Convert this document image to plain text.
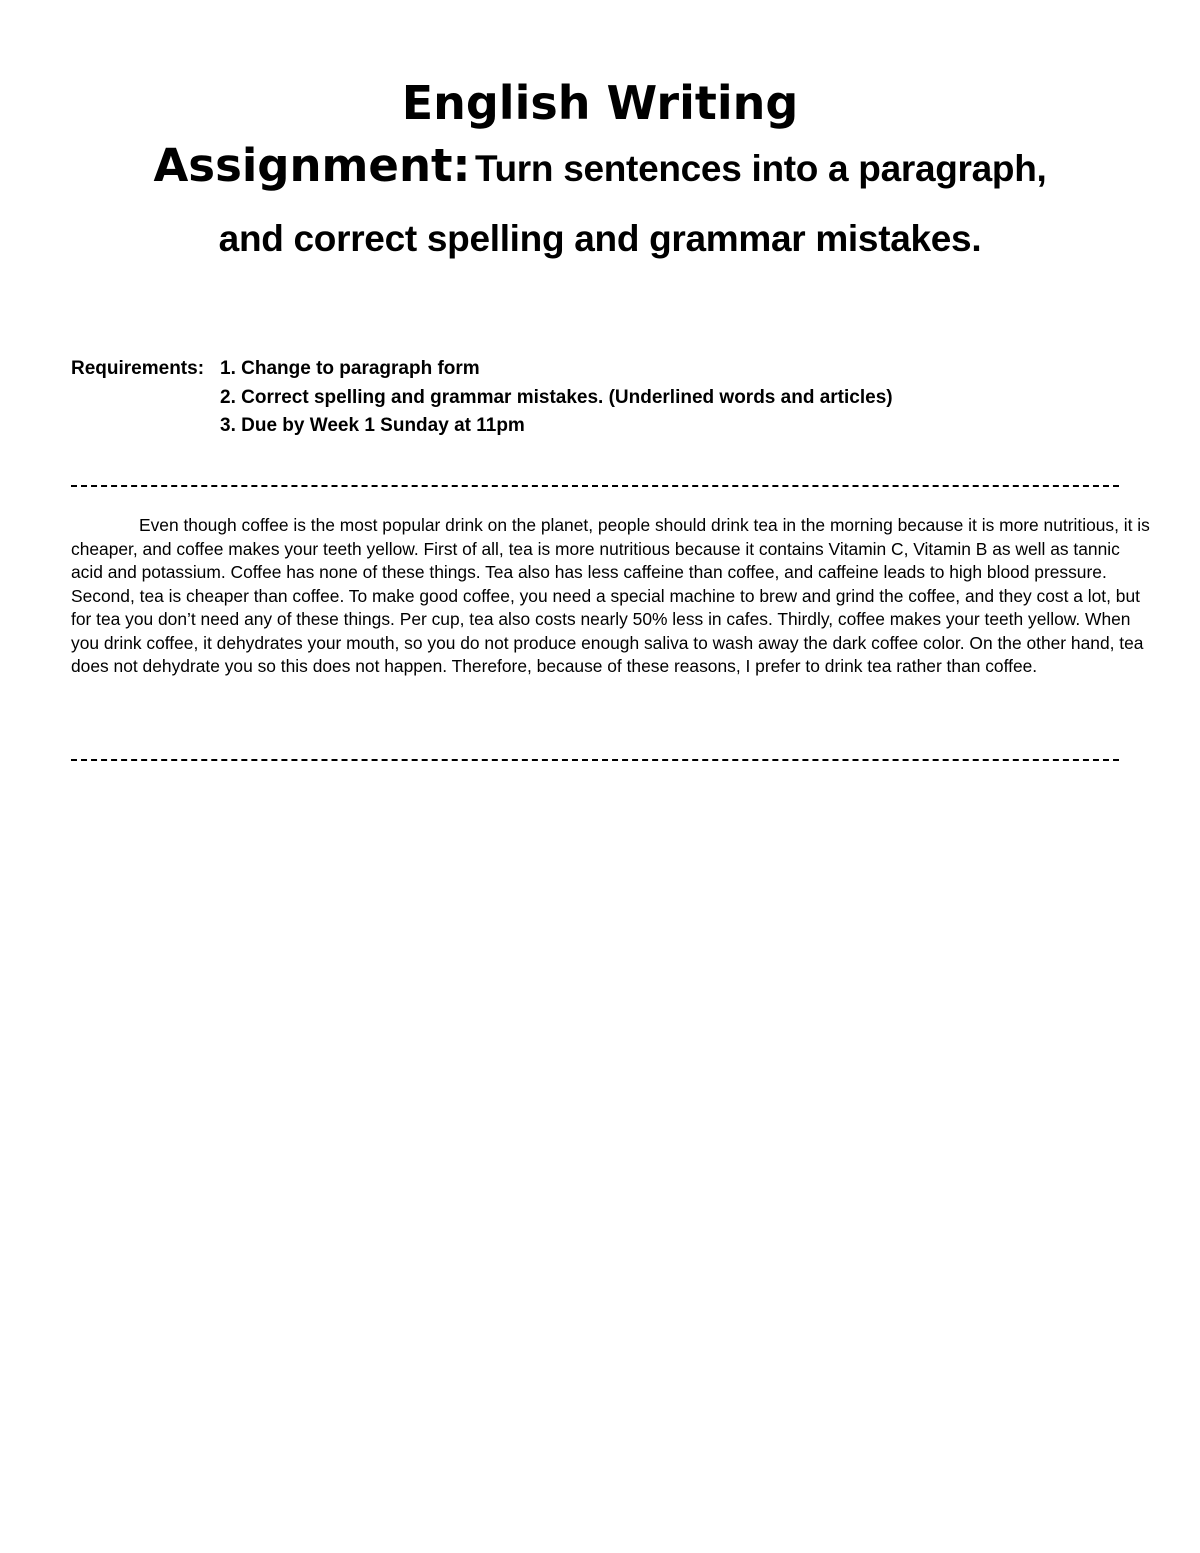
English Writing
Assignment: Turn sentences into a paragraph,
and correct spelling and grammar mistakes.
Requirements: 1. Change to paragraph form
2. Correct spelling and grammar mistakes. (Underlined words and articles)
3. Due by Week 1 Sunday at 11pm

Even though coffee is the most popular drink on the planet, people should drink tea in the morning because it is more nutritious, it is cheaper, and coffee makes your teeth yellow. First of all, tea is more nutritious because it contains Vitamin C, Vitamin B as well as tannic acid and potassium. Coffee has none of these things. Tea also has less caffeine than coffee, and caffeine leads to high blood pressure. Second, tea is cheaper than coffee. To make good coffee, you need a special machine to brew and grind the coffee, and they cost a lot, but for tea you don’t need any of these things. Per cup, tea also costs nearly 50% less in cafes. Thirdly, coffee makes your teeth yellow. When you drink coffee, it dehydrates your mouth, so you do not produce enough saliva to wash away the dark coffee color. On the other hand, tea does not dehydrate you so this does not happen. Therefore, because of these reasons, I prefer to drink tea rather than coffee.
